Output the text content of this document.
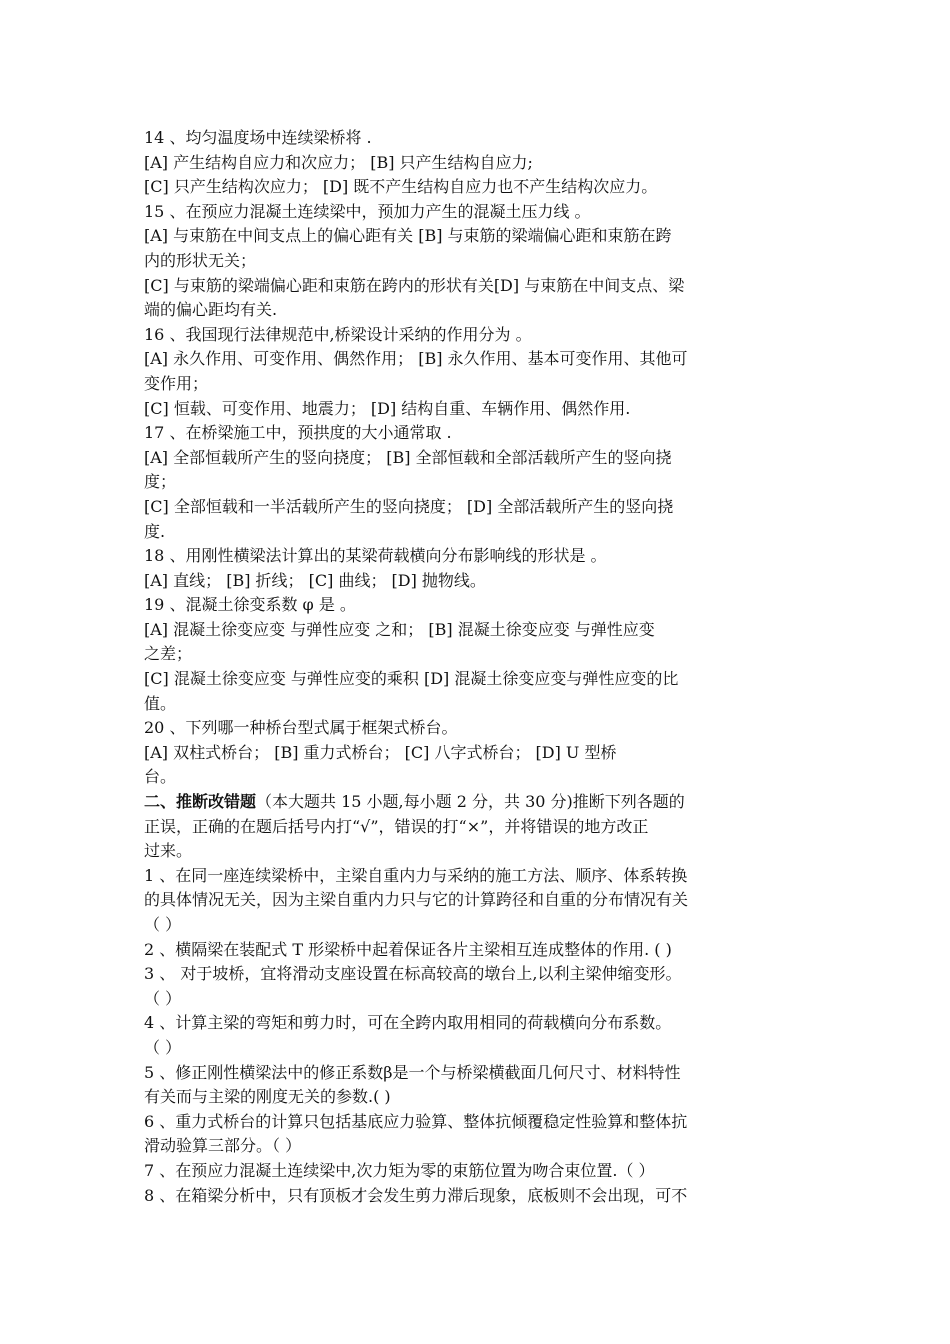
14 、均匀温度场中连续梁桥将 .
[A] 产生结构自应力和次应力； [B] 只产生结构自应力;
[C] 只产生结构次应力； [D] 既不产生结构自应力也不产生结构次应力。
15 、在预应力混凝土连续梁中，预加力产生的混凝土压力线 。
[A] 与束筋在中间支点上的偏心距有关 [B] 与束筋的梁端偏心距和束筋在跨
内的形状无关；
[C] 与束筋的梁端偏心距和束筋在跨内的形状有关[D] 与束筋在中间支点、梁
端的偏心距均有关.
16 、我国现行法律规范中,桥梁设计采纳的作用分为 。
[A] 永久作用、可变作用、偶然作用； [B] 永久作用、基本可变作用、其他可
变作用；
[C] 恒载、可变作用、地震力； [D] 结构自重、车辆作用、偶然作用.
17 、在桥梁施工中，预拱度的大小通常取 .
[A] 全部恒载所产生的竖向挠度； [B] 全部恒载和全部活载所产生的竖向挠
度；
[C] 全部恒载和一半活载所产生的竖向挠度； [D] 全部活载所产生的竖向挠
度.
18 、用刚性横梁法计算出的某梁荷载横向分布影响线的形状是 。
[A] 直线； [B] 折线； [C] 曲线； [D] 抛物线。
19 、混凝土徐变系数 φ 是 。
[A] 混凝土徐变应变 与弹性应变 之和； [B] 混凝土徐变应变 与弹性应变
之差；
[C] 混凝土徐变应变 与弹性应变的乘积 [D] 混凝土徐变应变与弹性应变的比
值。
20 、下列哪一种桥台型式属于框架式桥台。
[A] 双柱式桥台； [B] 重力式桥台； [C] 八字式桥台； [D] U 型桥
台。
二、推断改错题（本大题共 15 小题,每小题 2 分，共 30 分)推断下列各题的
正误，正确的在题后括号内打“√”，错误的打“×”，并将错误的地方改正
过来。
1 、在同一座连续梁桥中，主梁自重内力与采纳的施工方法、顺序、体系转换
的具体情况无关，因为主梁自重内力只与它的计算跨径和自重的分布情况有关
（ ）
2 、横隔梁在装配式 T 形梁桥中起着保证各片主梁相互连成整体的作用. ( )
3 、 对于坡桥，宜将滑动支座设置在标高较高的墩台上,以利主梁伸缩变形。
（ ）
4 、计算主梁的弯矩和剪力时，可在全跨内取用相同的荷载横向分布系数。
（ ）
5 、修正刚性横梁法中的修正系数β是一个与桥梁横截面几何尺寸、材料特性
有关而与主梁的刚度无关的参数.( )
6 、重力式桥台的计算只包括基底应力验算、整体抗倾覆稳定性验算和整体抗
滑动验算三部分。（ ）
7 、在预应力混凝土连续梁中,次力矩为零的束筋位置为吻合束位置.（ ）
8 、在箱梁分析中，只有顶板才会发生剪力滞后现象，底板则不会出现，可不
